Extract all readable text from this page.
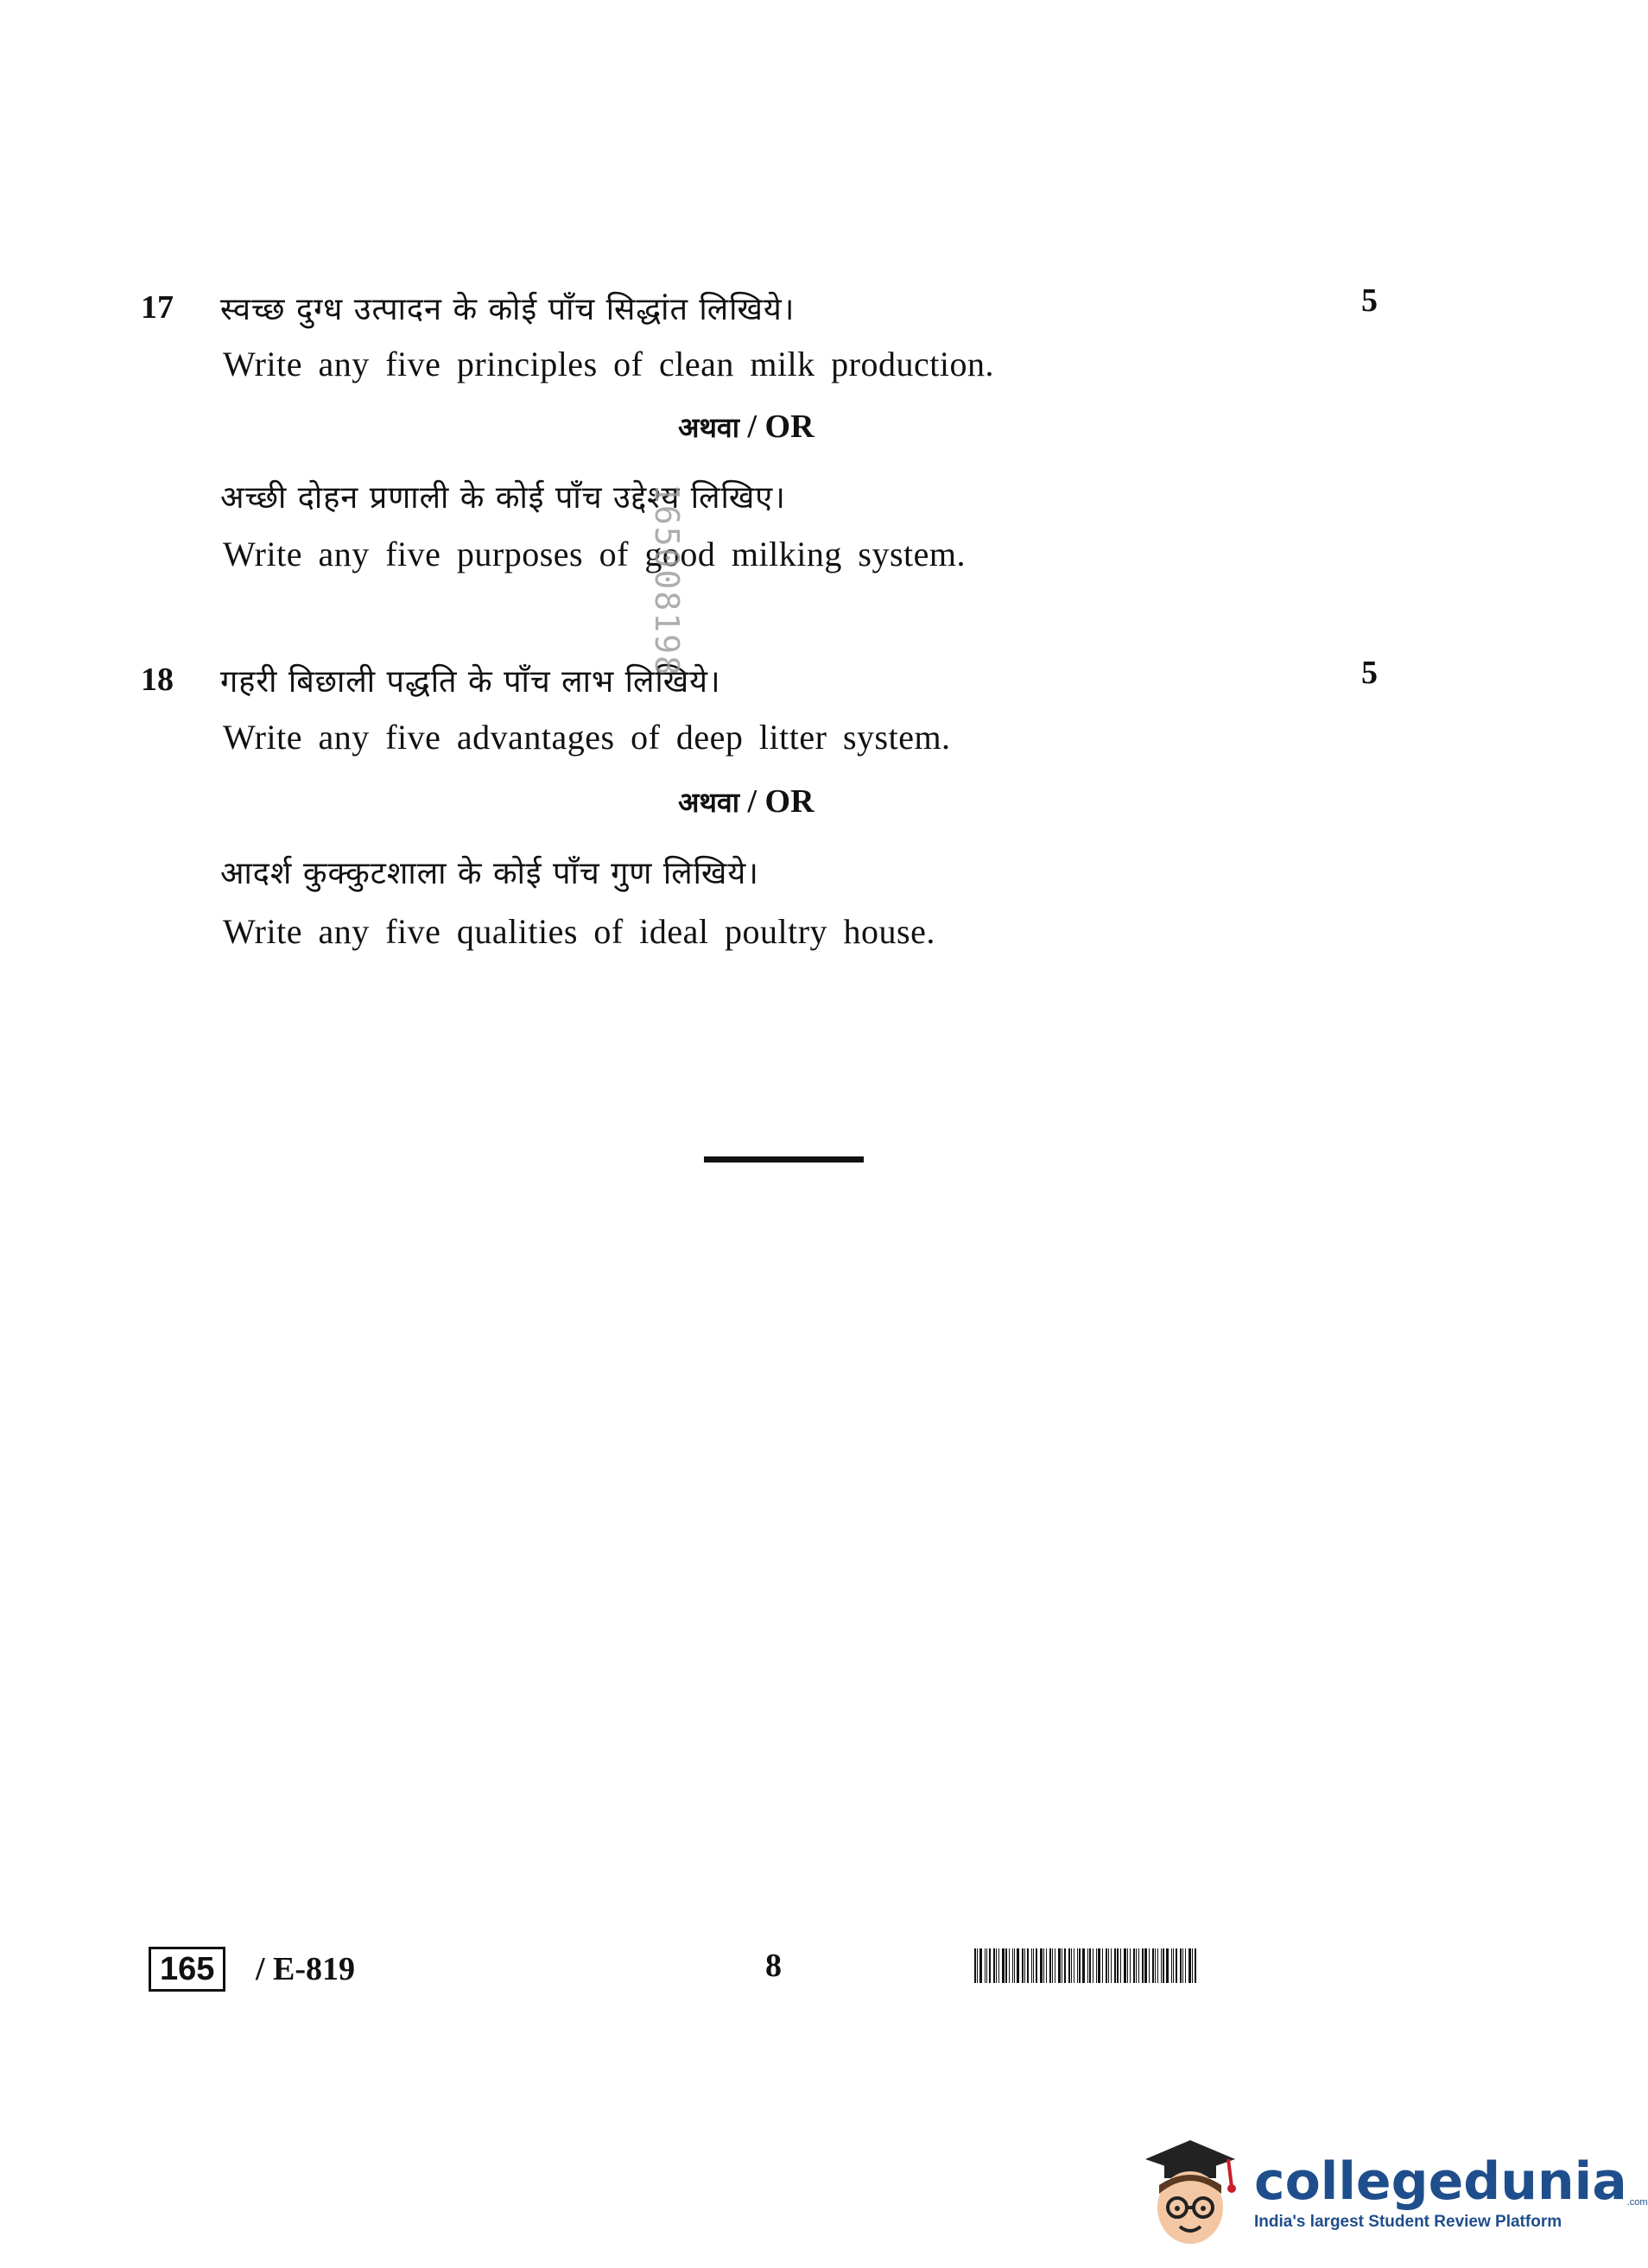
17 स्वच्छ दुग्ध उत्पादन के कोई पाँच सिद्धांत लिखिये।	5
Write any five principles of clean milk production.
अथवा / OR
अच्छी दोहन प्रणाली के कोई पाँच उद्देश्य लिखिए।
Write any five purposes of good milking system.
18 गहरी बिछाली पद्धति के पाँच लाभ लिखिये।	5
Write any five advantages of deep litter system.
अथवा / OR
आदर्श कुक्कुटशाला के कोई पाँच गुण लिखिये।
Write any five qualities of ideal poultry house.
165008198
165	/ E-819	8
collegedunia .com
India's largest Student Review Platform
